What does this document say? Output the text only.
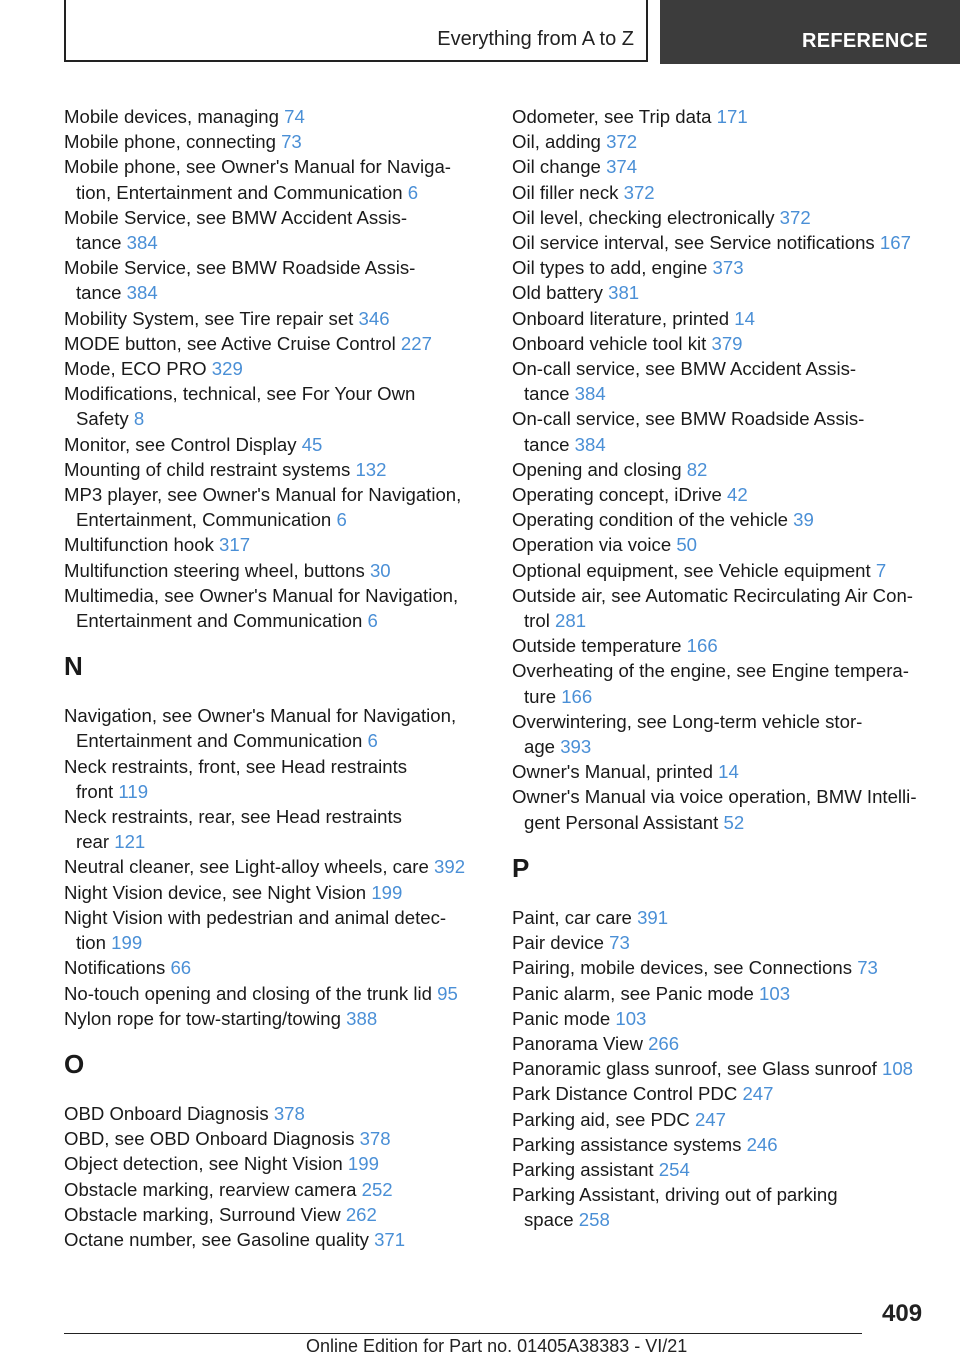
Everything from A to Z	REFERENCE
Mobile devices, managing 74
Mobile phone, connecting 73
Mobile phone, see Owner's Manual for Naviga-
tion, Entertainment and Communication 6
Mobile Service, see BMW Accident Assis-
tance 384
Mobile Service, see BMW Roadside Assis-
tance 384
Mobility System, see Tire repair set 346
MODE button, see Active Cruise Control 227
Mode, ECO PRO 329
Modifications, technical, see For Your Own
Safety 8
Monitor, see Control Display 45
Mounting of child restraint systems 132
MP3 player, see Owner's Manual for Navigation,
Entertainment, Communication 6
Multifunction hook 317
Multifunction steering wheel, buttons 30
Multimedia, see Owner's Manual for Navigation,
Entertainment and Communication 6
N
Navigation, see Owner's Manual for Navigation,
Entertainment and Communication 6
Neck restraints, front, see Head restraints
front 119
Neck restraints, rear, see Head restraints
rear 121
Neutral cleaner, see Light-alloy wheels, care 392
Night Vision device, see Night Vision 199
Night Vision with pedestrian and animal detec-
tion 199
Notifications 66
No-touch opening and closing of the trunk lid 95
Nylon rope for tow-starting/towing 388
O
OBD Onboard Diagnosis 378
OBD, see OBD Onboard Diagnosis 378
Object detection, see Night Vision 199
Obstacle marking, rearview camera 252
Obstacle marking, Surround View 262
Octane number, see Gasoline quality 371
Odometer, see Trip data 171
Oil, adding 372
Oil change 374
Oil filler neck 372
Oil level, checking electronically 372
Oil service interval, see Service notifications 167
Oil types to add, engine 373
Old battery 381
Onboard literature, printed 14
Onboard vehicle tool kit 379
On-call service, see BMW Accident Assis-
tance 384
On-call service, see BMW Roadside Assis-
tance 384
Opening and closing 82
Operating concept, iDrive 42
Operating condition of the vehicle 39
Operation via voice 50
Optional equipment, see Vehicle equipment 7
Outside air, see Automatic Recirculating Air Con-
trol 281
Outside temperature 166
Overheating of the engine, see Engine tempera-
ture 166
Overwintering, see Long-term vehicle stor-
age 393
Owner's Manual, printed 14
Owner's Manual via voice operation, BMW Intelli-
gent Personal Assistant 52
P
Paint, car care 391
Pair device 73
Pairing, mobile devices, see Connections 73
Panic alarm, see Panic mode 103
Panic mode 103
Panorama View 266
Panoramic glass sunroof, see Glass sunroof 108
Park Distance Control PDC 247
Parking aid, see PDC 247
Parking assistance systems 246
Parking assistant 254
Parking Assistant, driving out of parking
space 258
409
Online Edition for Part no. 01405A38383 - VI/21
